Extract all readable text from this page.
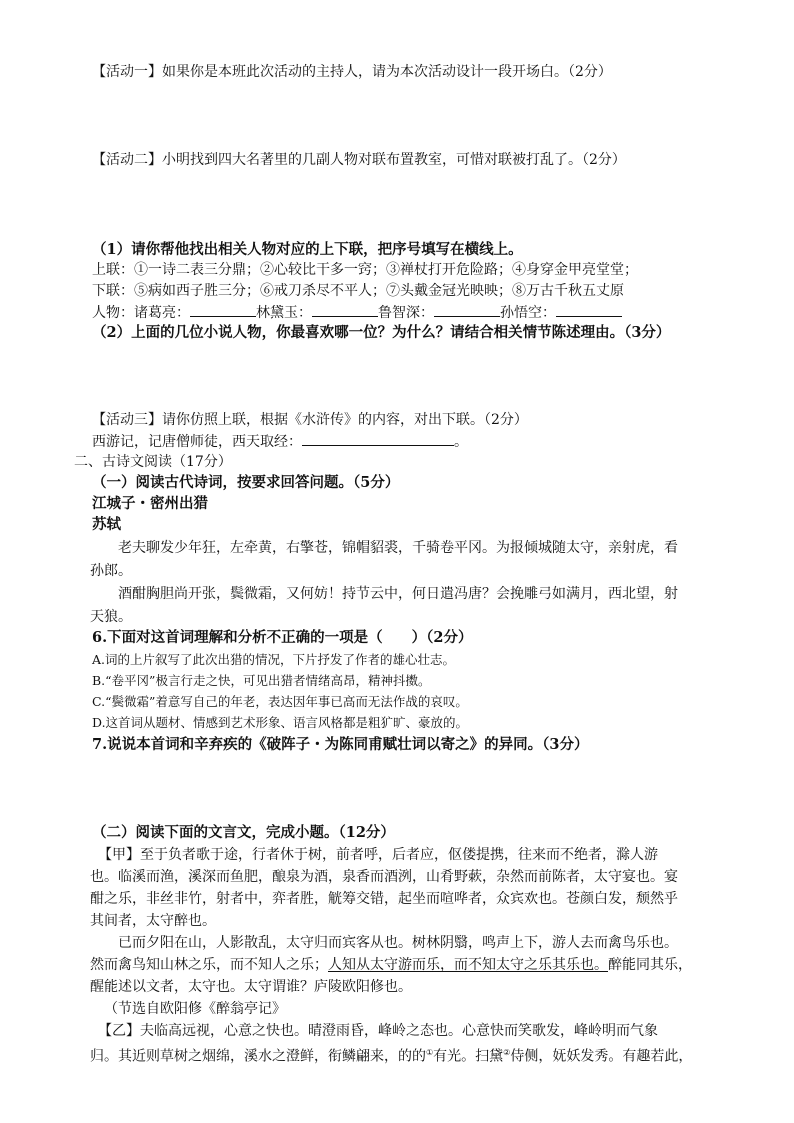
【活动一】如果你是本班此次活动的主持人，请为本次活动设计一段开场白。（2分）
【活动二】小明找到四大名著里的几副人物对联布置教室，可惜对联被打乱了。（2分）
（1）请你帮他找出相关人物对应的上下联，把序号填写在横线上。
上联：①一诗二表三分鼎；②心较比干多一窍；③禅杖打开危险路；④身穿金甲亮堂堂；
下联：⑤病如西子胜三分；⑥戒刀杀尽不平人；⑦头戴金冠光映映；⑧万古千秋五丈原
人物：诸葛亮：	林黛玉：	鲁智深：	孙悟空：
（2）上面的几位小说人物，你最喜欢哪一位？为什么？请结合相关情节陈述理由。（3分）
【活动三】请你仿照上联，根据《水浒传》的内容，对出下联。（2分）
西游记，记唐僧师徒，西天取经：	。
二、古诗文阅读（17分）
（一）阅读古代诗词，按要求回答问题。（5分）
江城子・密州出猎
苏轼
老夫聊发少年狂，左牵黄，右擎苍，锦帽貂裘，千骑卷平冈。为报倾城随太守，亲射虎，看
孙郎。
酒酣胸胆尚开张，鬓微霜，又何妨！持节云中，何日遣冯唐？会挽雕弓如满月，西北望，射
天狼。
6.下面对这首词理解和分析不正确的一项是（　　）（2分）
A.词的上片叙写了此次出猎的情况，下片抒发了作者的雄心壮志。
B.“卷平冈”极言行走之快，可见出猎者情绪高昂，精神抖擞。
C.“鬓微霜”着意写自己的年老，表达因年事已高而无法作战的哀叹。
D.这首词从题材、情感到艺术形象、语言风格都是粗犷旷、豪放的。
7.说说本首词和辛弃疾的《破阵子・为陈同甫赋壮词以寄之》的异同。（3分）
（二）阅读下面的文言文，完成小题。（12分）
【甲】至于负者歌于途，行者休于树，前者呼，后者应，伛偻提携，往来而不绝者，滁人游
也。临溪而渔，溪深而鱼肥，酿泉为酒，泉香而酒洌，山肴野蔌，杂然而前陈者，太守宴也。宴
酣之乐，非丝非竹，射者中，弈者胜，觥筹交错，起坐而喧哗者，众宾欢也。苍颜白发，颓然乎
其间者，太守醉也。
已而夕阳在山，人影散乱，太守归而宾客从也。树林阴翳，鸣声上下，游人去而禽鸟乐也。
然而禽鸟知山林之乐，而不知人之乐；人知从太守游而乐，而不知太守之乐其乐也。醉能同其乐，
醒能述以文者，太守也。太守谓谁？庐陵欧阳修也。
（节选自欧阳修《醉翁亭记》
【乙】夫临高远视，心意之快也。晴澄雨昏，峰岭之态也。心意快而笑歌发，峰岭明而气象
归。其近则草树之烟绵，溪水之澄鲜，衔鳞翩来，的的①有光。扫黛②侍侧，妩妖发秀。有趣若此，
